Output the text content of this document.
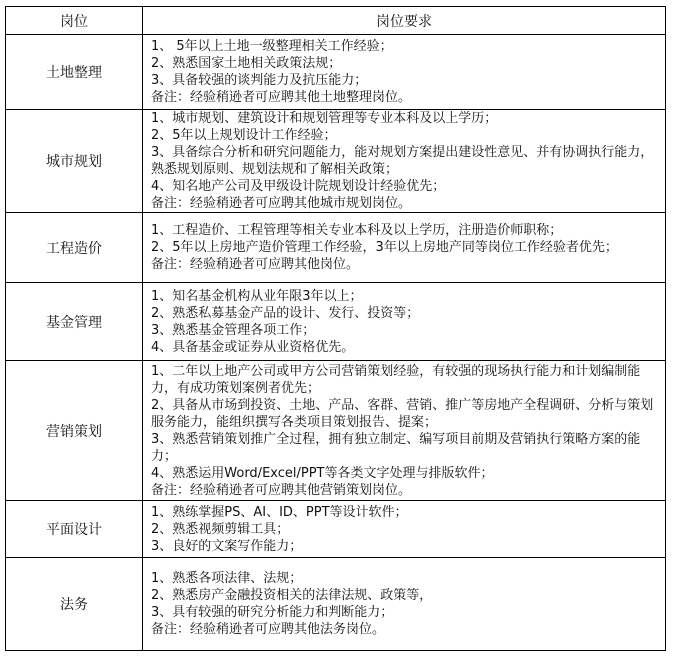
岗位	岗位要求
土地整理	1、 5年以上土地一级整理相关工作经验；
2、熟悉国家土地相关政策法规；
3、具备较强的谈判能力及抗压能力；
备注：经验稍逊者可应聘其他土地整理岗位。

城市规划	1、城市规划、建筑设计和规划管理等专业本科及以上学历；
2、5年以上规划设计工作经验；
3、具备综合分析和研究问题能力，能对规划方案提出建设性意见、并有协调执行能力，熟悉规划原则、规划法规和了解相关政策；
4、知名地产公司及甲级设计院规划设计经验优先；
备注：经验稍逊者可应聘其他城市规划岗位。

工程造价	1、工程造价、工程管理等相关专业本科及以上学历，注册造价师职称；
2、5年以上房地产造价管理工作经验，3年以上房地产同等岗位工作经验者优先；
备注：经验稍逊者可应聘其他岗位。

基金管理	1、知名基金机构从业年限3年以上；
2、熟悉私募基金产品的设计、发行、投资等；
3、熟悉基金管理各项工作；
4、具备基金或证券从业资格优先。

营销策划	1、二年以上地产公司或甲方公司营销策划经验，有较强的现场执行能力和计划编制能力，有成功策划案例者优先；
2、具备从市场到投资、土地、产品、客群、营销、推广等房地产全程调研、分析与策划服务能力，能组织撰写各类项目策划报告、提案；
3、熟悉营销策划推广全过程，拥有独立制定、编写项目前期及营销执行策略方案的能力；
4、熟悉运用Word/Excel/PPT等各类文字处理与排版软件；
备注：经验稍逊者可应聘其他营销策划岗位。

平面设计	1、熟练掌握PS、AI、ID、PPT等设计软件；
2、熟悉视频剪辑工具；
3、良好的文案写作能力；

法务	1、熟悉各项法律、法规；
2、熟悉房产金融投资相关的法律法规、政策等，
3、具有较强的研究分析能力和判断能力；
备注：经验稍逊者可应聘其他法务岗位。
